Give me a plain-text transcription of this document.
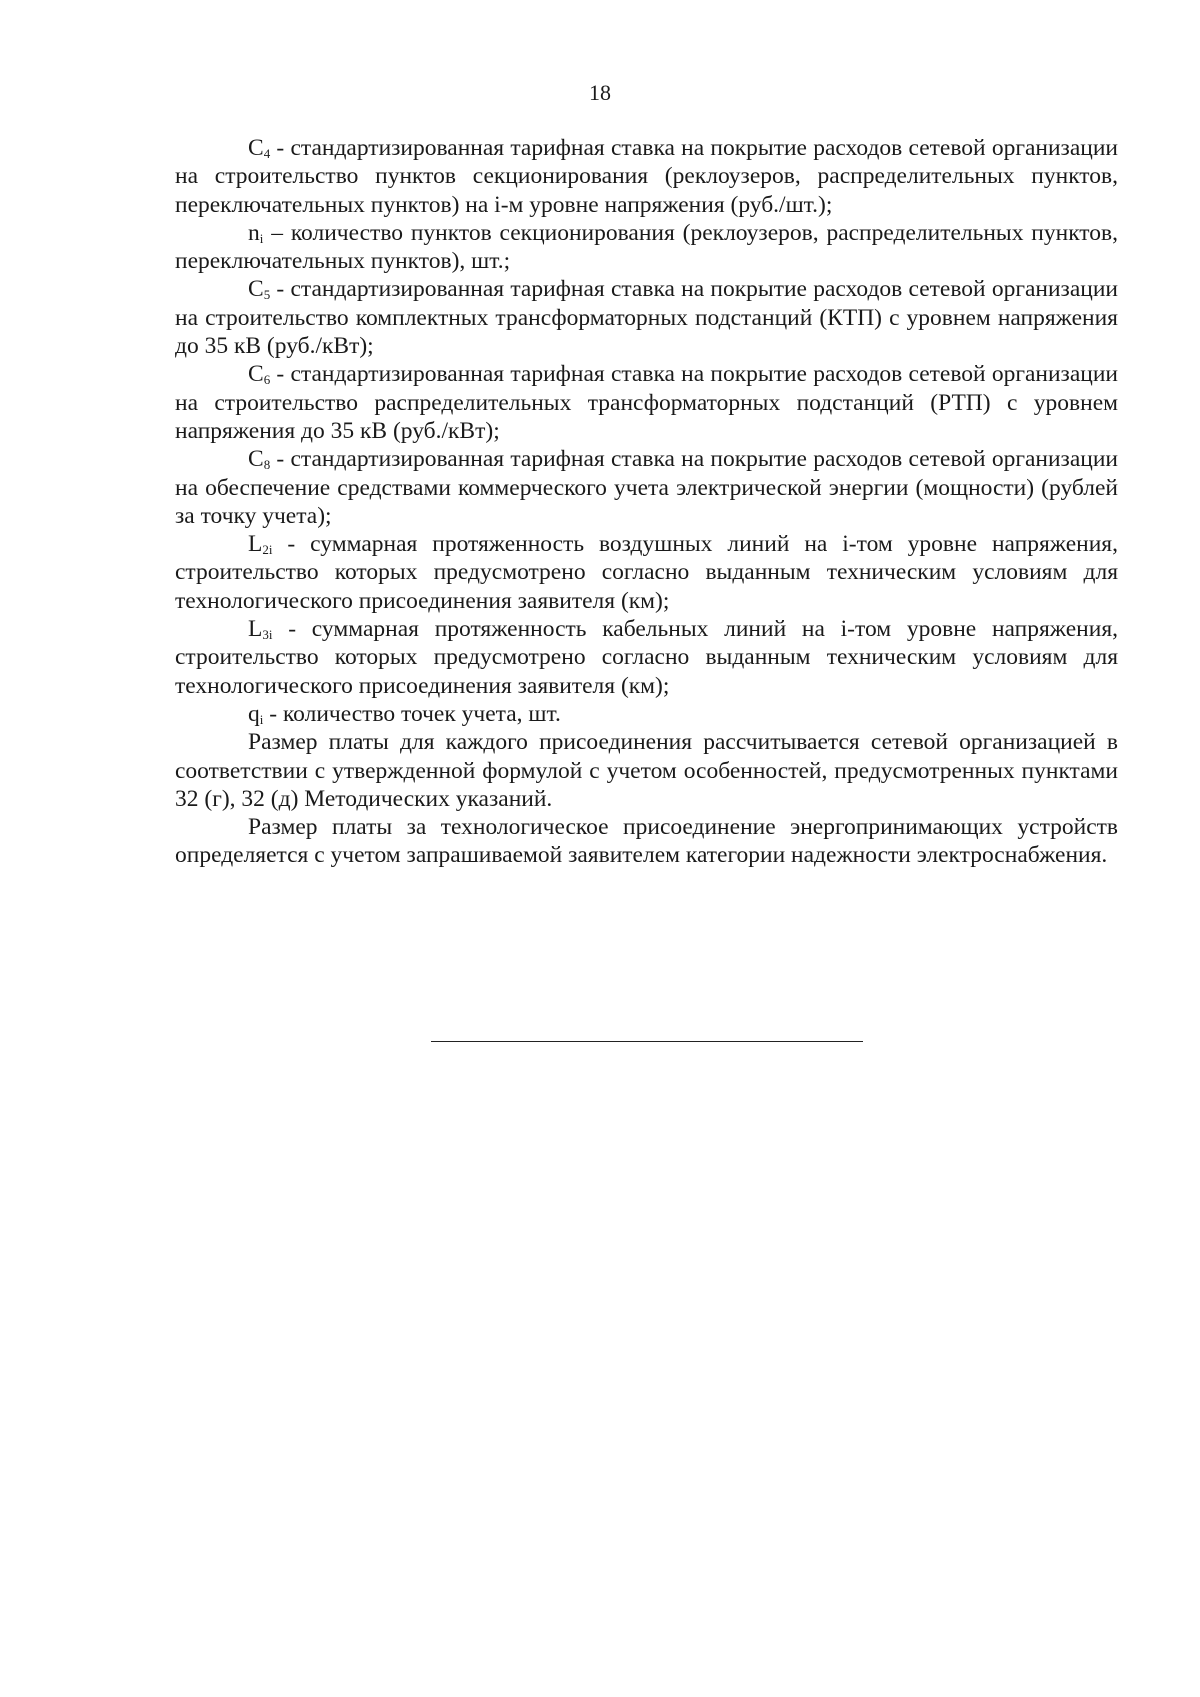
18

$C_4$ - стандартизированная тарифная ставка на покрытие расходов сетевой организации на строительство пунктов секционирования (реклоузеров, распределительных пунктов, переключательных пунктов) на i-м уровне напряжения (руб./шт.);

$n_i$ – количество пунктов секционирования (реклоузеров, распределительных пунктов, переключательных пунктов), шт.;

$C_5$ - стандартизированная тарифная ставка на покрытие расходов сетевой организации на строительство комплектных трансформаторных подстанций (КТП) с уровнем напряжения до 35 кВ (руб./кВт);

$C_6$ - стандартизированная тарифная ставка на покрытие расходов сетевой организации на строительство распределительных трансформаторных подстанций (РТП) с уровнем напряжения до 35 кВ (руб./кВт);

$C_8$ - стандартизированная тарифная ставка на покрытие расходов сетевой организации на обеспечение средствами коммерческого учета электрической энергии (мощности) (рублей за точку учета);

$L_{2i}$ - суммарная протяженность воздушных линий на i-том уровне напряжения, строительство которых предусмотрено согласно выданным техническим условиям для технологического присоединения заявителя (км);

$L_{3i}$ - суммарная протяженность кабельных линий на i-том уровне напряжения, строительство которых предусмотрено согласно выданным техническим условиям для технологического присоединения заявителя (км);

$q_i$ - количество точек учета, шт.

Размер платы для каждого присоединения рассчитывается сетевой организацией в соответствии с утвержденной формулой с учетом особенностей, предусмотренных пунктами 32 (г), 32 (д) Методических указаний.

Размер платы за технологическое присоединение энергопринимающих устройств определяется с учетом запрашиваемой заявителем категории надежности электроснабжения.
